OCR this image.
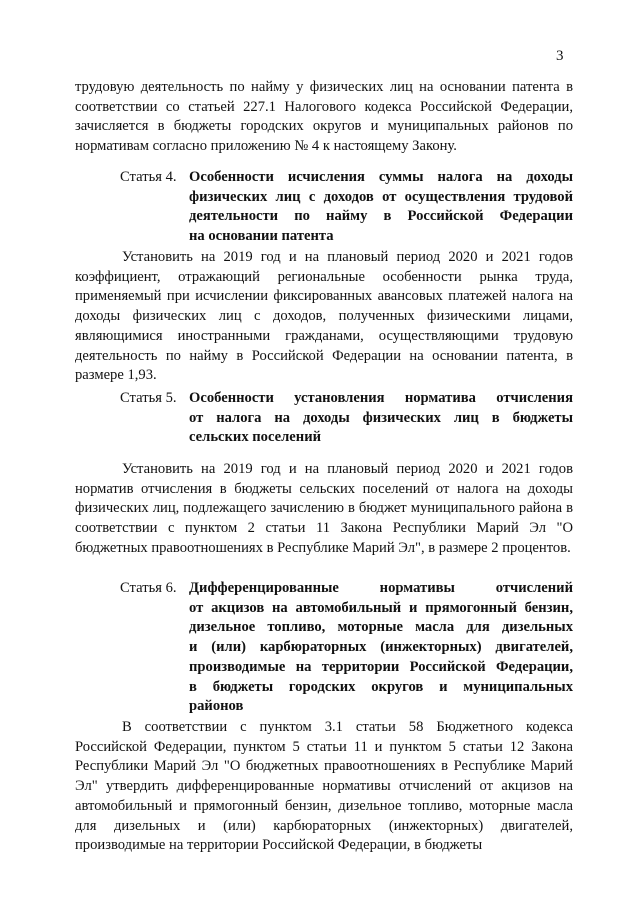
3

трудовую деятельность по найму у физических лиц на основании патента в соответствии со статьей 227.1 Налогового кодекса Российской Федерации, зачисляется в бюджеты городских округов и муниципальных районов по нормативам согласно приложению № 4 к настоящему Закону.

Статья 4. Особенности исчисления суммы налога на доходы
физических лиц с доходов от осуществления трудовой
деятельности по найму в Российской Федерации
на основании патента

Установить на 2019 год и на плановый период 2020 и 2021 годов коэффициент, отражающий региональные особенности рынка труда, применяемый при исчислении фиксированных авансовых платежей налога на доходы физических лиц с доходов, полученных физическими лицами, являющимися иностранными гражданами, осуществляющими трудовую деятельность по найму в Российской Федерации на основании патента, в размере 1,93.

Статья 5. Особенности установления норматива отчисления
от налога на доходы физических лиц в бюджеты
сельских поселений

Установить на 2019 год и на плановый период 2020 и 2021 годов норматив отчисления в бюджеты сельских поселений от налога на доходы физических лиц, подлежащего зачислению в бюджет муниципального района в соответствии с пунктом 2 статьи 11 Закона Республики Марий Эл "О бюджетных правоотношениях в Республике Марий Эл", в размере 2 процентов.

Статья 6. Дифференцированные нормативы отчислений
от акцизов на автомобильный и прямогонный бензин,
дизельное топливо, моторные масла для дизельных
и (или) карбюраторных (инжекторных) двигателей,
производимые на территории Российской Федерации,
в бюджеты городских округов и муниципальных
районов

В соответствии с пунктом 3.1 статьи 58 Бюджетного кодекса Российской Федерации, пунктом 5 статьи 11 и пунктом 5 статьи 12 Закона Республики Марий Эл "О бюджетных правоотношениях в Республике Марий Эл" утвердить дифференцированные нормативы отчислений от акцизов на автомобильный и прямогонный бензин, дизельное топливо, моторные масла для дизельных и (или) карбюраторных (инжекторных) двигателей, производимые на территории Российской Федерации, в бюджеты
